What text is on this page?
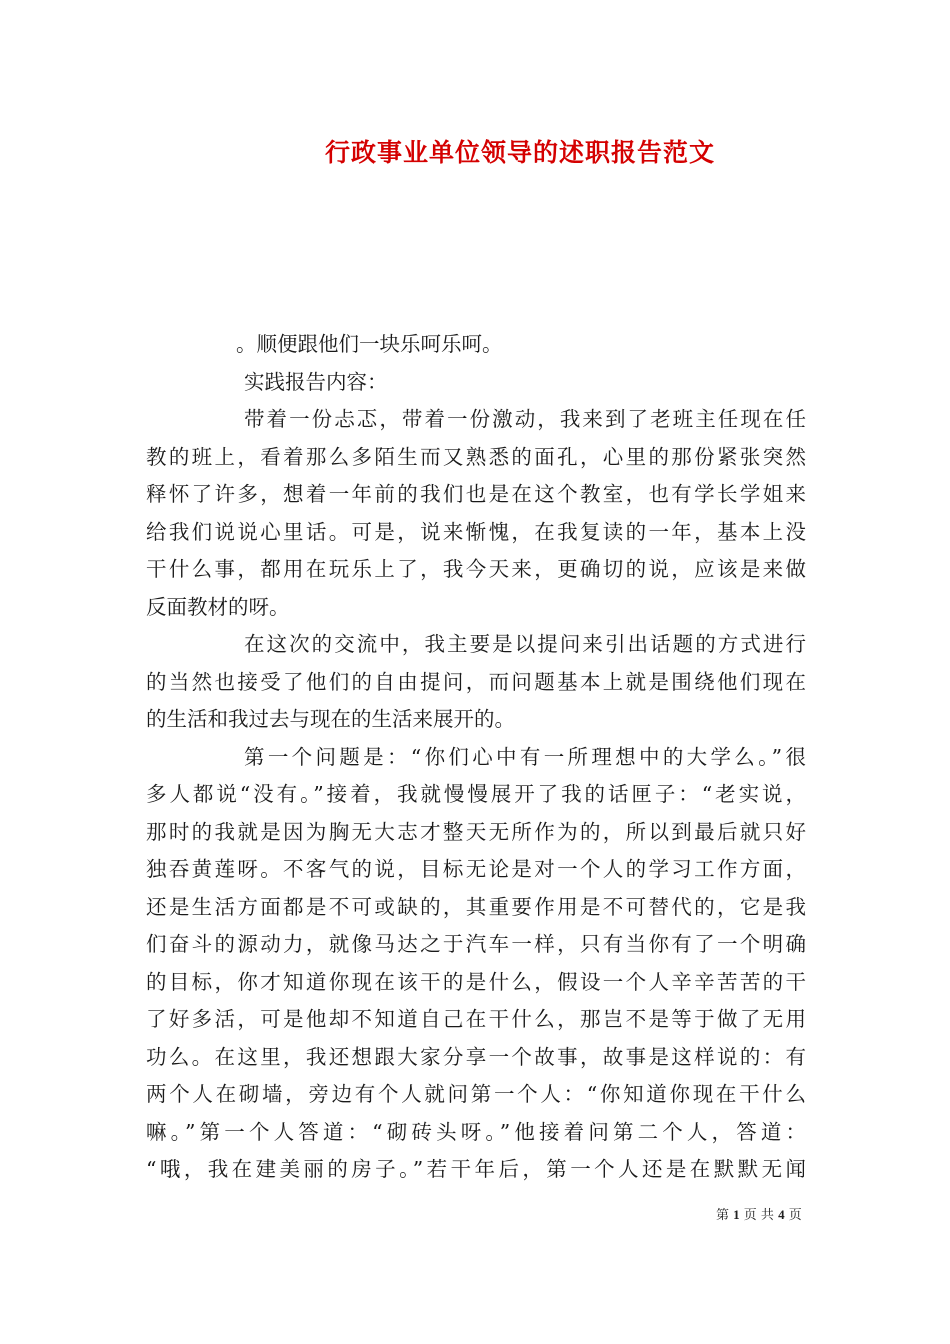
行政事业单位领导的述职报告范文
。顺便跟他们一块乐呵乐呵。
实践报告内容：
带着一份忐忑，带着一份激动，我来到了老班主任现在任
教的班上，看着那么多陌生而又熟悉的面孔，心里的那份紧张突然
释怀了许多，想着一年前的我们也是在这个教室，也有学长学姐来
给我们说说心里话。可是，说来惭愧，在我复读的一年，基本上没
干什么事，都用在玩乐上了，我今天来，更确切的说，应该是来做
反面教材的呀。
在这次的交流中，我主要是以提问来引出话题的方式进行
的当然也接受了他们的自由提问，而问题基本上就是围绕他们现在
的生活和我过去与现在的生活来展开的。
第一个问题是：“你们心中有一所理想中的大学么。”很
多人都说“没有。”接着，我就慢慢展开了我的话匣子：“老实说，
那时的我就是因为胸无大志才整天无所作为的，所以到最后就只好
独吞黄莲呀。不客气的说，目标无论是对一个人的学习工作方面，
还是生活方面都是不可或缺的，其重要作用是不可替代的，它是我
们奋斗的源动力，就像马达之于汽车一样，只有当你有了一个明确
的目标，你才知道你现在该干的是什么，假设一个人辛辛苦苦的干
了好多活，可是他却不知道自己在干什么，那岂不是等于做了无用
功么。在这里，我还想跟大家分享一个故事，故事是这样说的：有
两个人在砌墙，旁边有个人就问第一个人：“你知道你现在干什么
嘛。”第一个人答道：“砌砖头呀。”他接着问第二个人，答道：
“哦，我在建美丽的房子。”若干年后，第一个人还是在默默无闻
第 1 页 共 4 页
